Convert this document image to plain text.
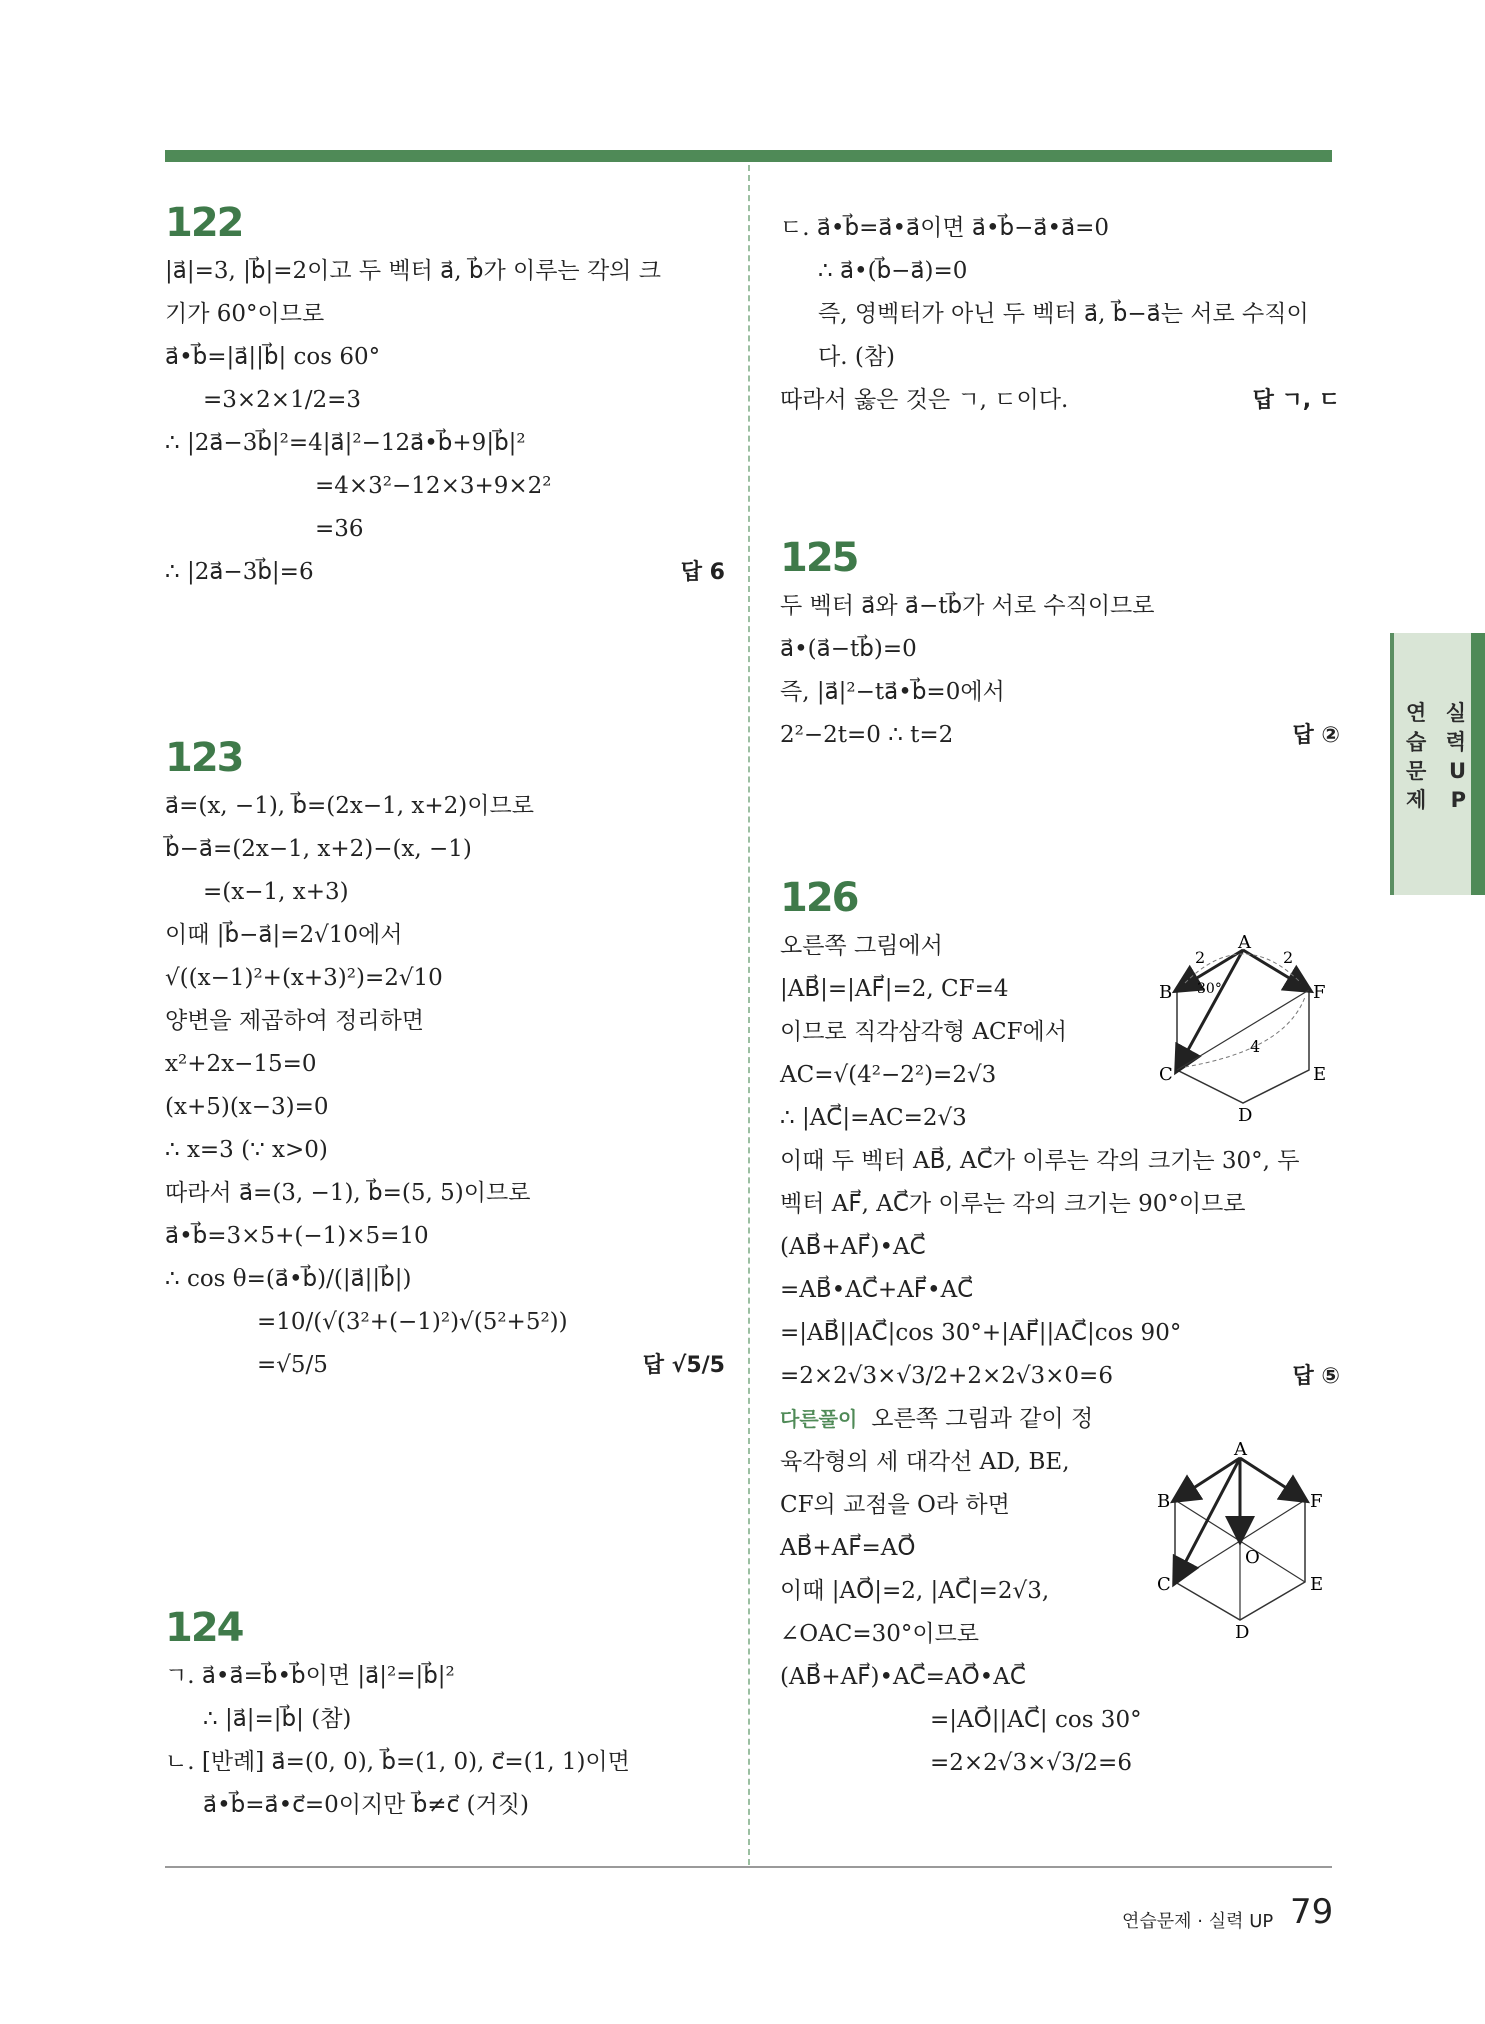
122
|a⃗|=3, |b⃗|=2이고 두 벡터 a⃗, b⃗가 이루는 각의 크
기가 60°이므로
a⃗•b⃗=|a⃗||b⃗| cos 60°
=3×2×1/2=3
∴ |2a⃗−3b⃗|²=4|a⃗|²−12a⃗•b⃗+9|b⃗|²
=4×3²−12×3+9×2²
=36
∴ |2a⃗−3b⃗|=6	답 6
123
a⃗=(x, −1), b⃗=(2x−1, x+2)이므로
b⃗−a⃗=(2x−1, x+2)−(x, −1)
=(x−1, x+3)
이때 |b⃗−a⃗|=2√10에서
√((x−1)²+(x+3)²)=2√10
양변을 제곱하여 정리하면
x²+2x−15=0
(x+5)(x−3)=0
∴ x=3 (∵ x>0)
따라서 a⃗=(3, −1), b⃗=(5, 5)이므로
a⃗•b⃗=3×5+(−1)×5=10
∴ cos θ=(a⃗•b⃗)/(|a⃗||b⃗|)
=10/(√(3²+(−1)²)√(5²+5²))
=√5/5	답 √5/5
124
ㄱ. a⃗•a⃗=b⃗•b⃗이면 |a⃗|²=|b⃗|²
∴ |a⃗|=|b⃗| (참)
ㄴ. [반례] a⃗=(0, 0), b⃗=(1, 0), c⃗=(1, 1)이면
a⃗•b⃗=a⃗•c⃗=0이지만 b⃗≠c⃗ (거짓)
ㄷ. a⃗•b⃗=a⃗•a⃗이면 a⃗•b⃗−a⃗•a⃗=0
∴ a⃗•(b⃗−a⃗)=0
즉, 영벡터가 아닌 두 벡터 a⃗, b⃗−a⃗는 서로 수직이
다. (참)
따라서 옳은 것은 ㄱ, ㄷ이다.	답 ㄱ, ㄷ
125
두 벡터 a⃗와 a⃗−tb⃗가 서로 수직이므로
a⃗•(a⃗−tb⃗)=0
즉, |a⃗|²−ta⃗•b⃗=0에서
2²−2t=0 ∴ t=2	답 ②
126
오른쪽 그림에서
|AB⃗|=|AF⃗|=2, CF=4
이므로 직각삼각형 ACF에서
AC=√(4²−2²)=2√3
∴ |AC⃗|=AC=2√3
이때 두 벡터 AB⃗, AC⃗가 이루는 각의 크기는 30°, 두
벡터 AF⃗, AC⃗가 이루는 각의 크기는 90°이므로
(AB⃗+AF⃗)•AC⃗
=AB⃗•AC⃗+AF⃗•AC⃗
=|AB⃗||AC⃗|cos 30°+|AF⃗||AC⃗|cos 90°
=2×2√3×√3/2+2×2√3×0=6	답 ⑤
다른풀이 오른쪽 그림과 같이 정
육각형의 세 대각선 AD, BE,
CF의 교점을 O라 하면
AB⃗+AF⃗=AO⃗
이때 |AO⃗|=2, |AC⃗|=2√3,
∠OAC=30°이므로
(AB⃗+AF⃗)•AC⃗=AO⃗•AC⃗
=|AO⃗||AC⃗| cos 30°
=2×2√3×√3/2=6
A
B
C
D
E
F
2	2
30°
4
A
B
C
D
E
F
O
연 실
습 력
문 U
제 P
연습문제 · 실력 UP 79
